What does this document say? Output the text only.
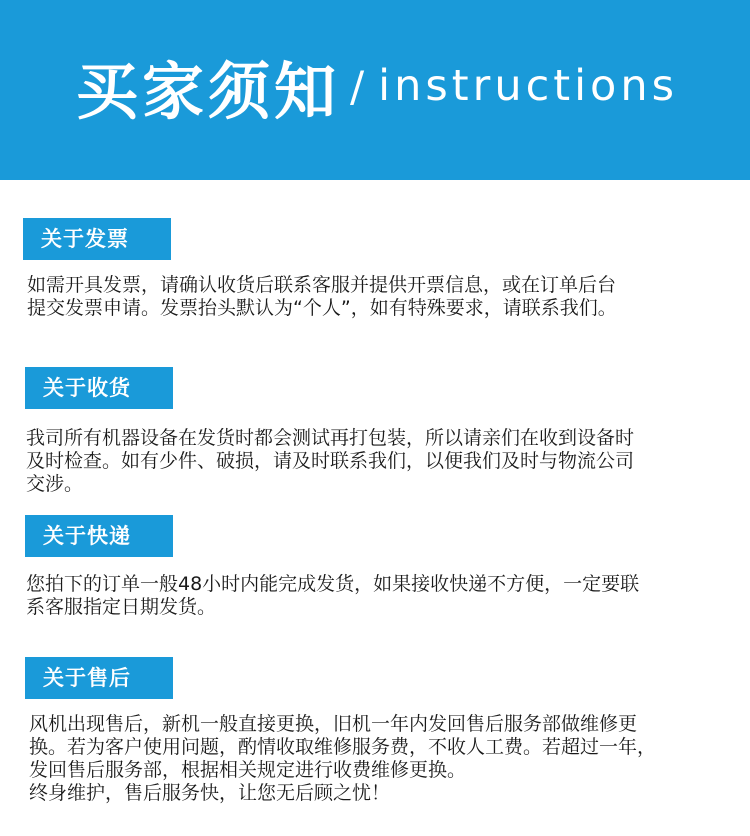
买家须知 / instructions
关于发票
如需开具发票，请确认收货后联系客服并提供开票信息，或在订单后台
提交发票申请。发票抬头默认为“个人”，如有特殊要求，请联系我们。
关于收货
我司所有机器设备在发货时都会测试再打包装，所以请亲们在收到设备时
及时检查。如有少件、破损，请及时联系我们，以便我们及时与物流公司
交涉。
关于快递
您拍下的订单一般48小时内能完成发货，如果接收快递不方便，一定要联
系客服指定日期发货。
关于售后
风机出现售后，新机一般直接更换，旧机一年内发回售后服务部做维修更
换。若为客户使用问题，酌情收取维修服务费，不收人工费。若超过一年，
发回售后服务部，根据相关规定进行收费维修更换。
终身维护，售后服务快，让您无后顾之忧！
